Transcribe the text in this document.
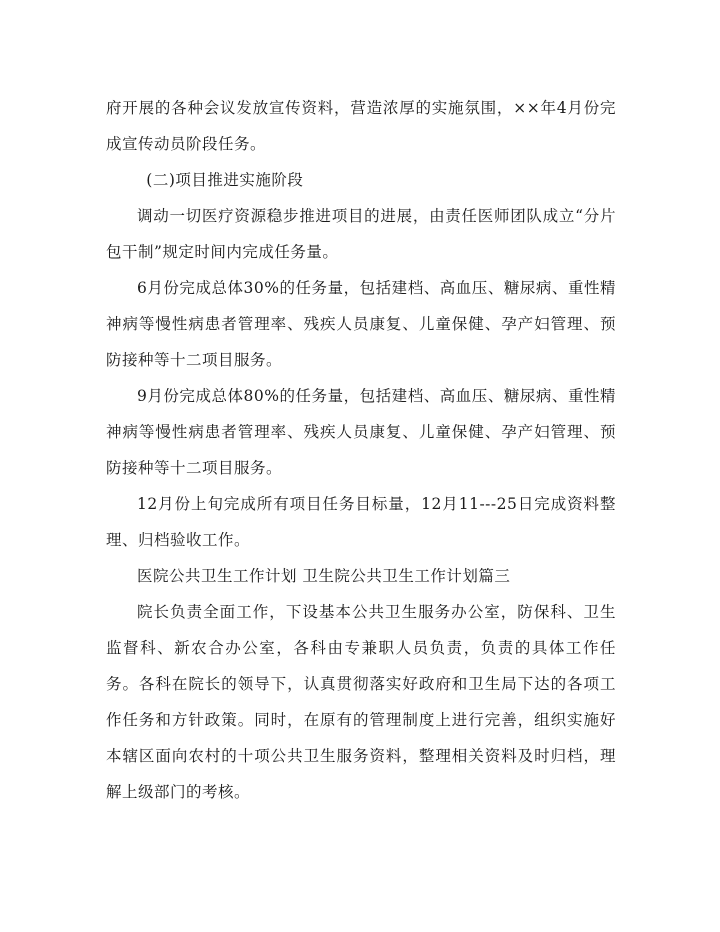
府开展的各种会议发放宣传资料，营造浓厚的实施氛围，××年4月份完成宣传动员阶段任务。

(二)项目推进实施阶段

调动一切医疗资源稳步推进项目的进展，由责任医师团队成立“分片包干制”规定时间内完成任务量。

6月份完成总体30%的任务量，包括建档、高血压、糖尿病、重性精神病等慢性病患者管理率、残疾人员康复、儿童保健、孕产妇管理、预防接种等十二项目服务。

9月份完成总体80%的任务量，包括建档、高血压、糖尿病、重性精神病等慢性病患者管理率、残疾人员康复、儿童保健、孕产妇管理、预防接种等十二项目服务。

12月份上旬完成所有项目任务目标量，12月11---25日完成资料整理、归档验收工作。

医院公共卫生工作计划 卫生院公共卫生工作计划篇三

院长负责全面工作，下设基本公共卫生服务办公室，防保科、卫生监督科、新农合办公室，各科由专兼职人员负责，负责的具体工作任务。各科在院长的领导下，认真贯彻落实好政府和卫生局下达的各项工作任务和方针政策。同时，在原有的管理制度上进行完善，组织实施好本辖区面向农村的十项公共卫生服务资料，整理相关资料及时归档，理解上级部门的考核。
